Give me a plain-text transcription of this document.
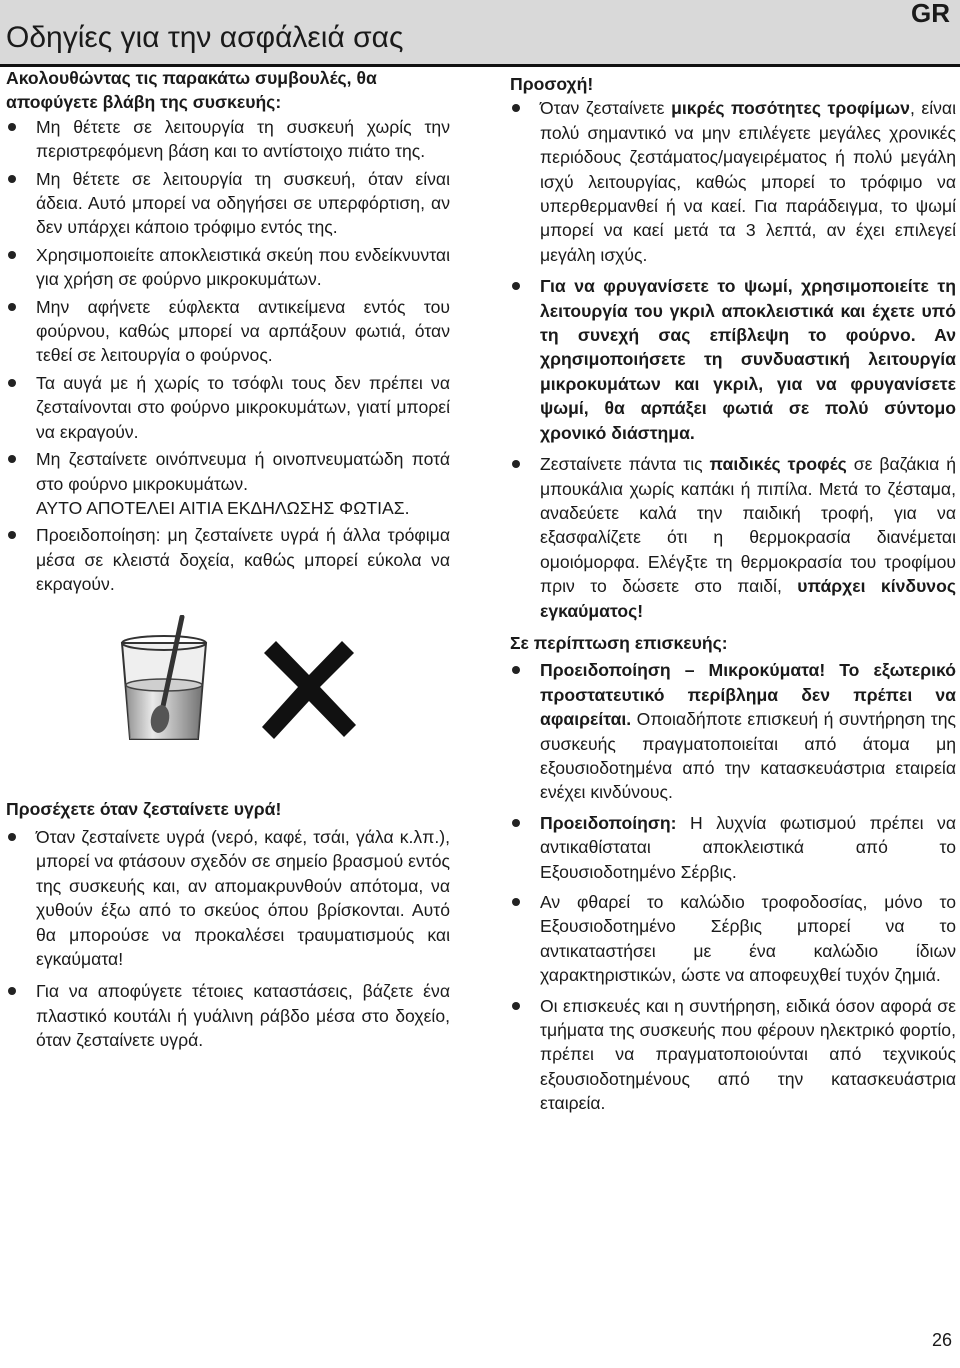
Οδηγίες για την ασφάλειά σας
GR

Ακολουθώντας τις παρακάτω συμβουλές, θα αποφύγετε βλάβη της συσκευής:

Μη θέτετε σε λειτουργία τη συσκευή χωρίς την περιστρεφόμενη βάση και το αντίστοιχο πιάτο της.
Μη θέτετε σε λειτουργία τη συσκευή, όταν είναι άδεια. Αυτό μπορεί να οδηγήσει σε υπερφόρτιση, αν δεν υπάρχει κάποιο τρόφιμο εντός της.
Χρησιμοποιείτε αποκλειστικά σκεύη που ενδείκνυνται για χρήση σε φούρνο μικροκυμάτων.
Μην αφήνετε εύφλεκτα αντικείμενα εντός του φούρνου, καθώς μπορεί να αρπάξουν φωτιά, όταν τεθεί σε λειτουργία ο φούρνος.
Τα αυγά με ή χωρίς το τσόφλι τους δεν πρέπει να ζεσταίνονται στο φούρνο μικροκυμάτων, γιατί μπορεί να εκραγούν.
Μη ζεσταίνετε οινόπνευμα ή οινοπνευματώδη ποτά στο φούρνο μικροκυμάτων.
ΑΥΤΟ ΑΠΟΤΕΛΕΙ ΑΙΤΙΑ ΕΚΔΗΛΩΣΗΣ ΦΩΤΙΑΣ.
Προειδοποίηση: μη ζεσταίνετε υγρά ή άλλα τρόφιμα μέσα σε κλειστά δοχεία, καθώς μπορεί εύκολα να εκραγούν.

Προσέχετε όταν ζεσταίνετε υγρά!

Όταν ζεσταίνετε υγρά (νερό, καφέ, τσάι, γάλα κ.λπ.), μπορεί να φτάσουν σχεδόν σε σημείο βρασμού εντός της συσκευής και, αν απομακρυνθούν απότομα, να χυθούν έξω από το σκεύος όπου βρίσκονται. Αυτό θα μπορούσε να προκαλέσει τραυματισμούς και εγκαύματα!
Για να αποφύγετε τέτοιες καταστάσεις, βάζετε ένα πλαστικό κουτάλι ή γυάλινη ράβδο μέσα στο δοχείο, όταν ζεσταίνετε υγρά.

Προσοχή!

Όταν ζεσταίνετε μικρές ποσότητες τροφίμων, είναι πολύ σημαντικό να μην επιλέγετε μεγάλες χρονικές περιόδους ζεστάματος/μαγειρέματος ή πολύ μεγάλη ισχύ λειτουργίας, καθώς μπορεί το τρόφιμο να υπερθερμανθεί ή να καεί. Για παράδειγμα, το ψωμί μπορεί να καεί μετά τα 3 λεπτά, αν έχει επιλεγεί μεγάλη ισχύς.
Για να φρυγανίσετε το ψωμί, χρησιμοποιείτε τη λειτουργία του γκριλ αποκλειστικά και έχετε υπό τη συνεχή σας επίβλεψη το φούρνο. Αν χρησιμοποιήσετε τη συνδυαστική λειτουργία μικροκυμάτων και γκριλ, για να φρυγανίσετε ψωμί, θα αρπάξει φωτιά σε πολύ σύντομο χρονικό διάστημα.
Ζεσταίνετε πάντα τις παιδικές τροφές σε βαζάκια ή μπουκάλια χωρίς καπάκι ή πιπίλα. Μετά το ζέσταμα, αναδεύετε καλά την παιδική τροφή, για να εξασφαλίζετε ότι η θερμοκρασία διανέμεται ομοιόμορφα. Ελέγξτε τη θερμοκρασία του τροφίμου πριν το δώσετε στο παιδί, υπάρχει κίνδυνος εγκαύματος!

Σε περίπτωση επισκευής:

Προειδοποίηση – Μικροκύματα! Το εξωτερικό προστατευτικό περίβλημα δεν πρέπει να αφαιρείται. Οποιαδήποτε επισκευή ή συντήρηση της συσκευής πραγματοποιείται από άτομα μη εξουσιοδοτημένα από την κατασκευάστρια εταιρεία ενέχει κινδύνους.
Προειδοποίηση: Η λυχνία φωτισμού πρέπει να αντικαθίσταται αποκλειστικά από το Εξουσιοδοτημένο Σέρβις.
Αν φθαρεί το καλώδιο τροφοδοσίας, μόνο το Εξουσιοδοτημένο Σέρβις μπορεί να το αντικαταστήσει με ένα καλώδιο ίδιων χαρακτηριστικών, ώστε να αποφευχθεί τυχόν ζημιά.
Οι επισκευές και η συντήρηση, ειδικά όσον αφορά σε τμήματα της συσκευής που φέρουν ηλεκτρικό φορτίο, πρέπει να πραγματοποιούνται από τεχνικούς εξουσιοδοτημένους από την κατασκευάστρια εταιρεία.
26
